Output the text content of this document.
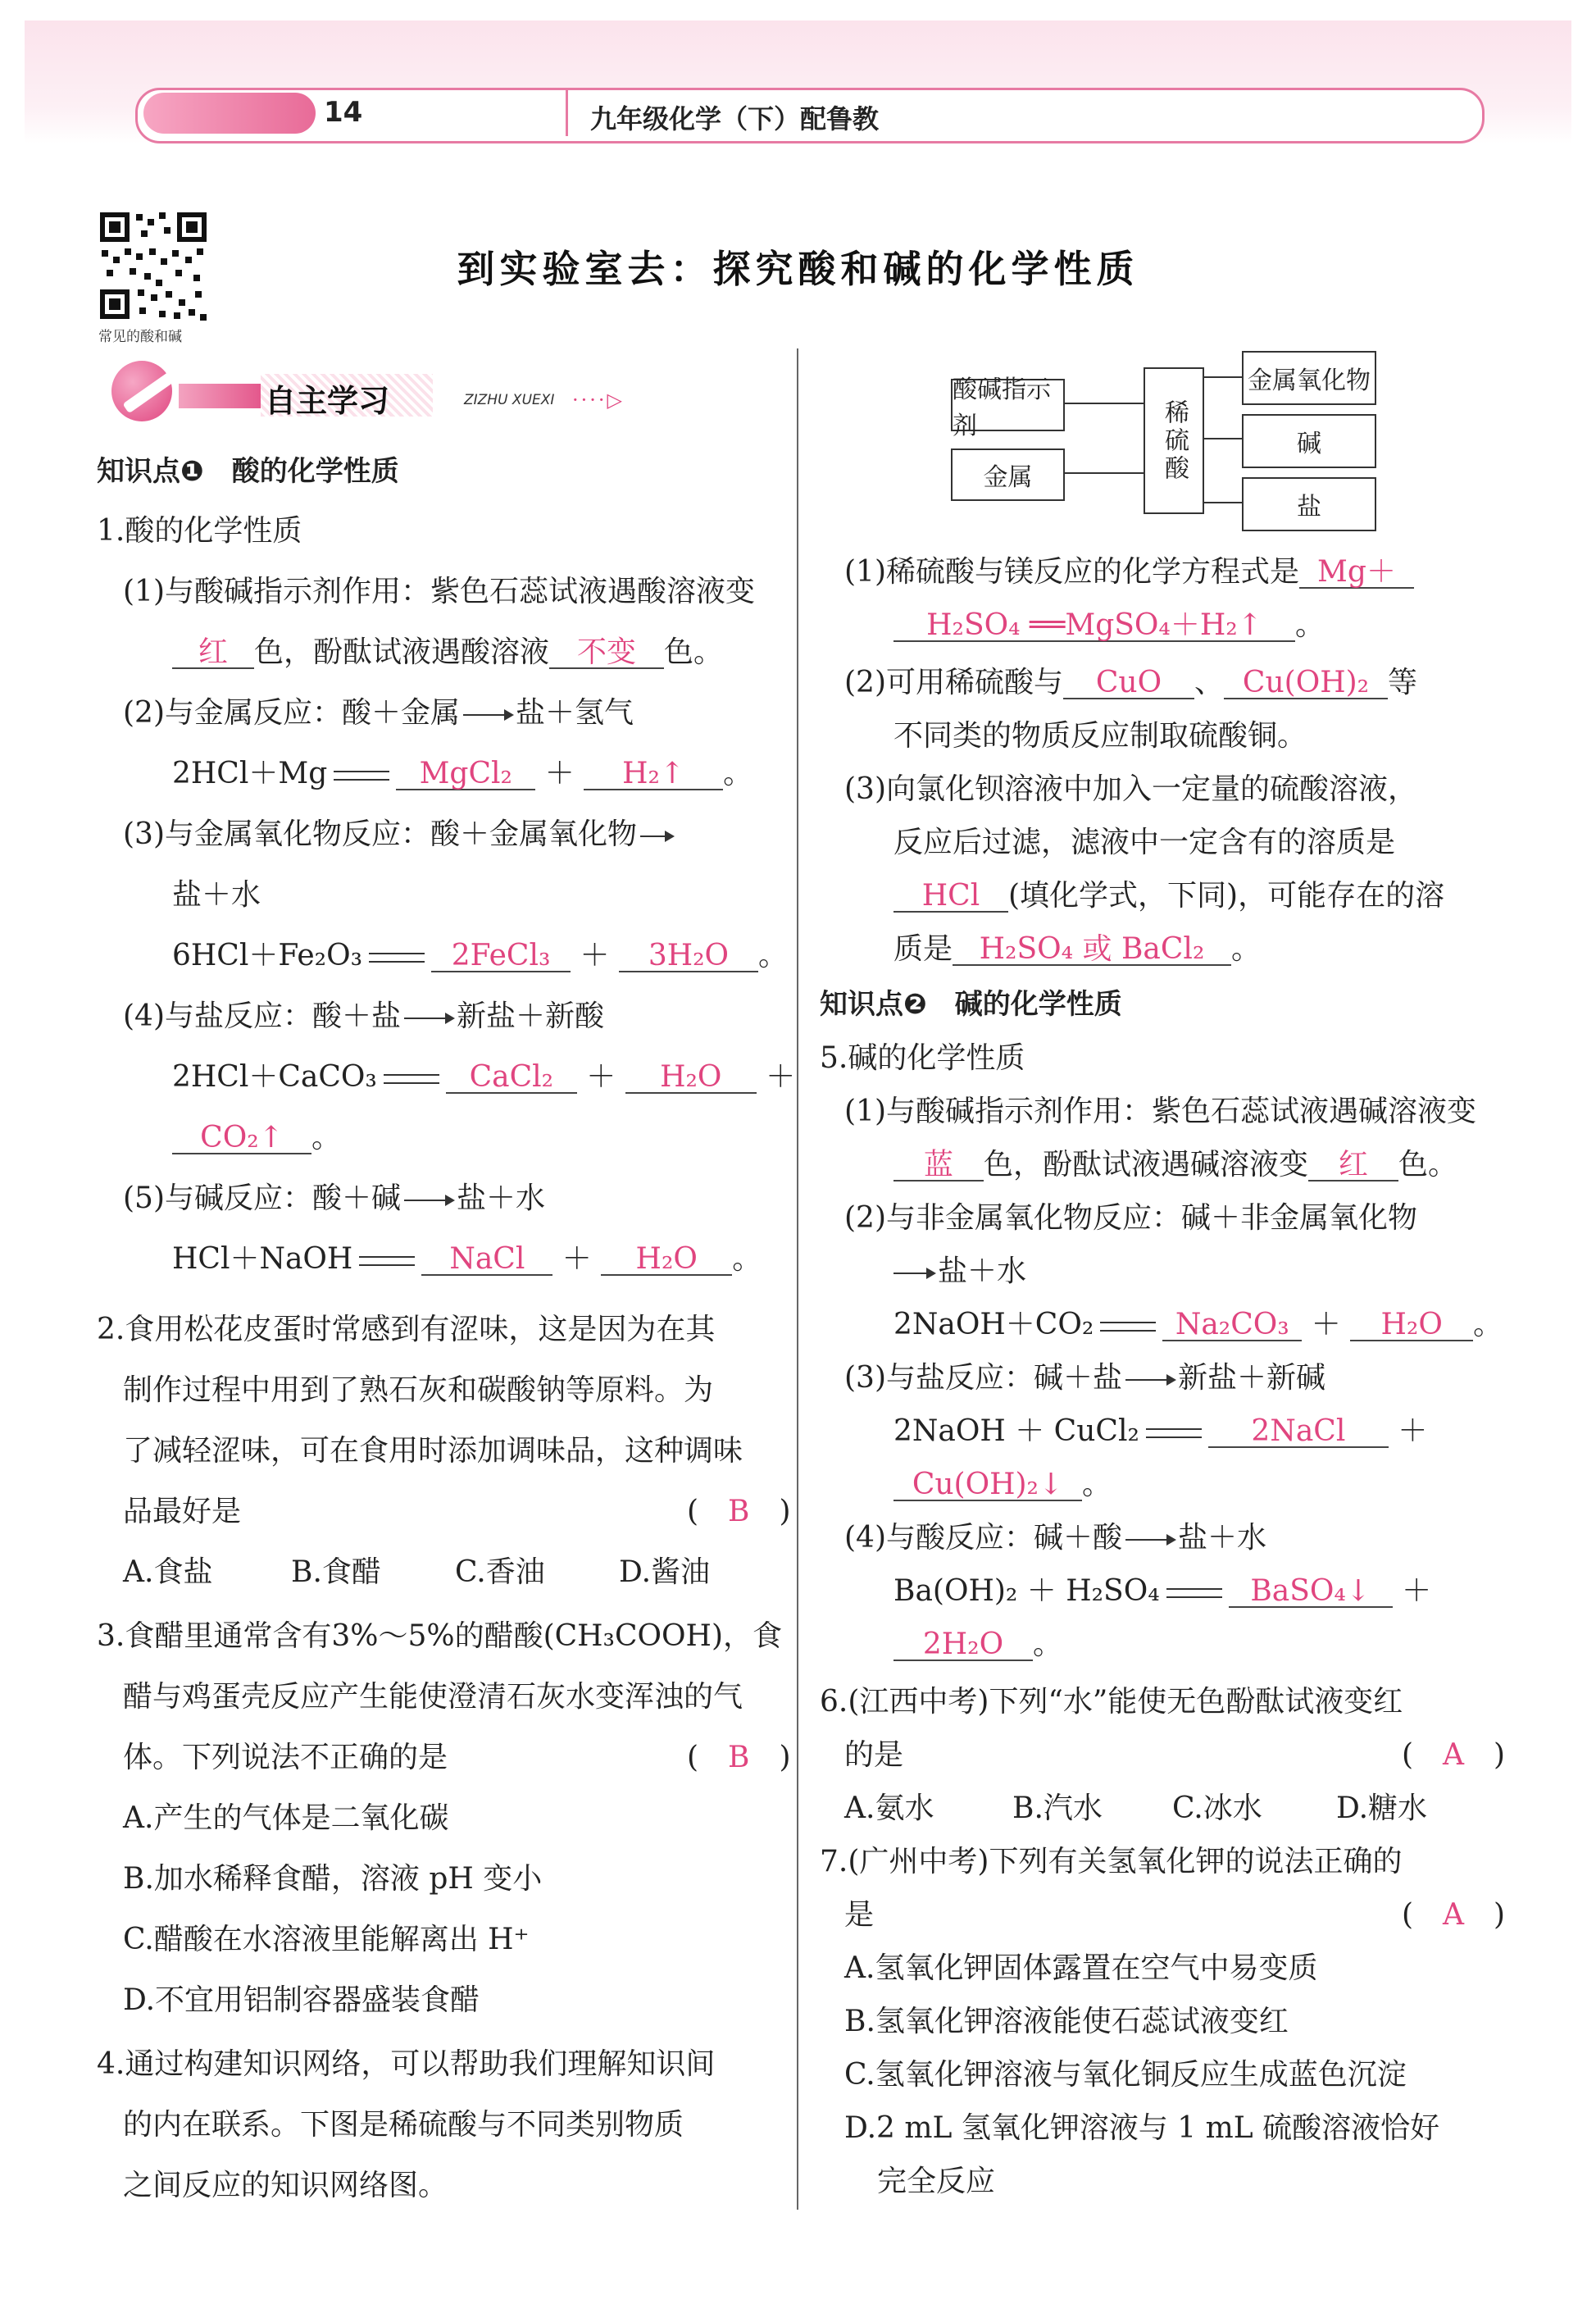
14	九年级化学（下）配鲁教
常见的酸和碱
到实验室去：探究酸和碱的化学性质
自主学习	ZIZHU XUEXI ····▷
知识点❶　酸的化学性质
1.酸的化学性质
(1)与酸碱指示剂作用：紫色石蕊试液遇酸溶液变
红 色，酚酞试液遇酸溶液 不变 色。
(2)与金属反应：酸＋金属 盐＋氢气
2HCl＋Mg	MgCl₂ ＋ H₂↑ 。
(3)与金属氧化物反应：酸＋金属氧化物
盐＋水
6HCl＋Fe₂O₃	2FeCl₃ ＋ 3H₂O 。
(4)与盐反应：酸＋盐 新盐＋新酸
2HCl＋CaCO₃	CaCl₂ ＋ H₂O ＋
CO₂↑ 。
(5)与碱反应：酸＋碱 盐＋水
HCl＋NaOH	NaCl ＋ H₂O 。
2.食用松花皮蛋时常感到有涩味，这是因为在其
制作过程中用到了熟石灰和碳酸钠等原料。为
了减轻涩味，可在食用时添加调味品，这种调味
品最好是	(　B　)
A.食盐	B.食醋	C.香油	D.酱油
3.食醋里通常含有3%～5%的醋酸(CH₃COOH)，食
醋与鸡蛋壳反应产生能使澄清石灰水变浑浊的气
体。下列说法不正确的是	(　B　)
A.产生的气体是二氧化碳
B.加水稀释食醋，溶液 pH 变小
C.醋酸在水溶液里能解离出 H⁺
D.不宜用铝制容器盛装食醋
4.通过构建知识网络，可以帮助我们理解知识间
的内在联系。下图是稀硫酸与不同类别物质
之间反应的知识网络图。
酸碱指示剂
金属	稀硫酸
金属氧化物
碱
盐
(1)稀硫酸与镁反应的化学方程式是 Mg＋
H₂SO₄ ══MgSO₄＋H₂↑ 。
(2)可用稀硫酸与 CuO 、 Cu(OH)₂ 等
不同类的物质反应制取硫酸铜。
(3)向氯化钡溶液中加入一定量的硫酸溶液，
反应后过滤，滤液中一定含有的溶质是
HCl (填化学式，下同)，可能存在的溶
质是 H₂SO₄ 或 BaCl₂ 。
知识点❷　碱的化学性质
5.碱的化学性质
(1)与酸碱指示剂作用：紫色石蕊试液遇碱溶液变
蓝 色，酚酞试液遇碱溶液变 红 色。
(2)与非金属氧化物反应：碱＋非金属氧化物
盐＋水
2NaOH＋CO₂	Na₂CO₃ ＋ H₂O 。
(3)与盐反应：碱＋盐 新盐＋新碱
2NaOH ＋ CuCl₂	2NaCl ＋
Cu(OH)₂↓ 。
(4)与酸反应：碱＋酸 盐＋水
Ba(OH)₂ ＋ H₂SO₄	BaSO₄↓ ＋
2H₂O 。
6.(江西中考)下列“水”能使无色酚酞试液变红
的是	(　A　)
A.氨水	B.汽水 C.冰水	D.糖水
7.(广州中考)下列有关氢氧化钾的说法正确的
是	(　A　)
A.氢氧化钾固体露置在空气中易变质
B.氢氧化钾溶液能使石蕊试液变红
C.氢氧化钾溶液与氧化铜反应生成蓝色沉淀
D.2 mL 氢氧化钾溶液与 1 mL 硫酸溶液恰好
完全反应
